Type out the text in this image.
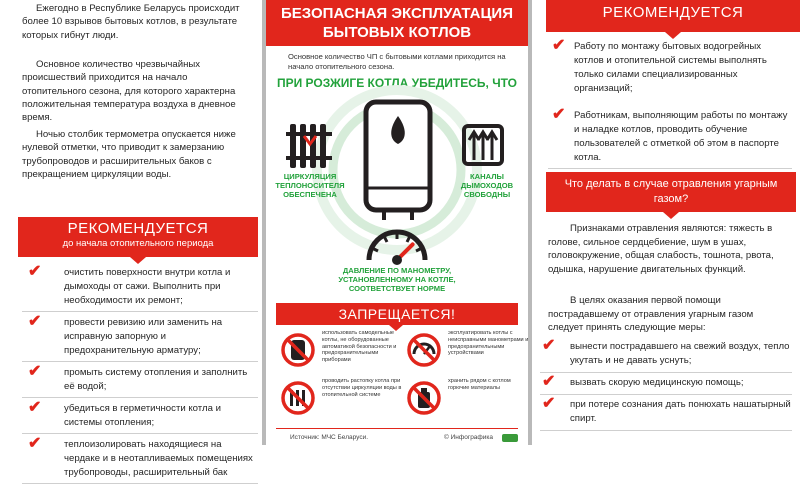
Ежегодно в Республике Беларусь происходит более 10 взрывов бытовых котлов, в результате которых гибнут люди.
Основное количество чрезвычайных происшествий приходится на начало отопительного сезона, для которого характерна положительная температура воздуха в дневное время.
Ночью столбик термометра опускается ниже нулевой отметки, что приводит к замерзанию трубопроводов и расширительных баков с прекращением циркуляции воды.
РЕКОМЕНДУЕТСЯ
до начала отопительного периода
✔ очистить поверхности внутри котла и дымоходы от сажи. Выполнить при необходимости их ремонт;
✔ провести ревизию или заменить на исправную запорную и предохранительную арматуру;
✔ промыть систему отопления и заполнить её водой;
✔ убедиться в герметичности котла и системы отопления;
✔ теплоизолировать находящиеся на чердаке и в неотапливаемых помещениях трубопроводы, расширительный бак
БЕЗОПАСНАЯ ЭКСПЛУАТАЦИЯ БЫТОВЫХ КОТЛОВ
Основное количество ЧП с бытовыми котлами приходится на начало отопительного сезона.
ПРИ РОЗЖИГЕ КОТЛА УБЕДИТЕСЬ, ЧТО
ЦИРКУЛЯЦИЯ ТЕПЛОНОСИТЕЛЯ ОБЕСПЕЧЕНА
КАНАЛЫ ДЫМОХОДОВ СВОБОДНЫ
ДАВЛЕНИЕ ПО МАНОМЕТРУ, УСТАНОВЛЕННОМУ НА КОТЛЕ, СООТВЕТСТВУЕТ НОРМЕ
ЗАПРЕЩАЕТСЯ!
использовать самодельные котлы, не оборудованные автоматикой безопасности и предохранительными приборами
эксплуатировать котлы с неисправными манометрами и предохранительными устройствами
проводить растопку котла при отсутствии циркуляции воды в отопительной системе
хранить рядом с котлом горючие материалы
Источник: МЧС Беларуси.	© Инфографика
РЕКОМЕНДУЕТСЯ
✔ Работу по монтажу бытовых водогрейных котлов и отопительной системы выполнять только силами специализированных организаций;
✔ Работникам, выполняющим работы по монтажу и наладке котлов, проводить обучение пользователей с отметкой об этом в паспорте котла.
Что делать в случае отравления угарным газом?
Признаками отравления являются: тяжесть в голове, сильное сердцебиение, шум в ушах, головокружение, общая слабость, тошнота, рвота, одышка, нарушение двигательных функций.
В целях оказания первой помощи пострадавшему от отравления угарным газом следует принять следующие меры:
✔ вынести пострадавшего на свежий воздух, тепло укутать и не давать уснуть;
✔ вызвать скорую медицинскую помощь;
✔ при потере сознания дать понюхать нашатырный спирт.
